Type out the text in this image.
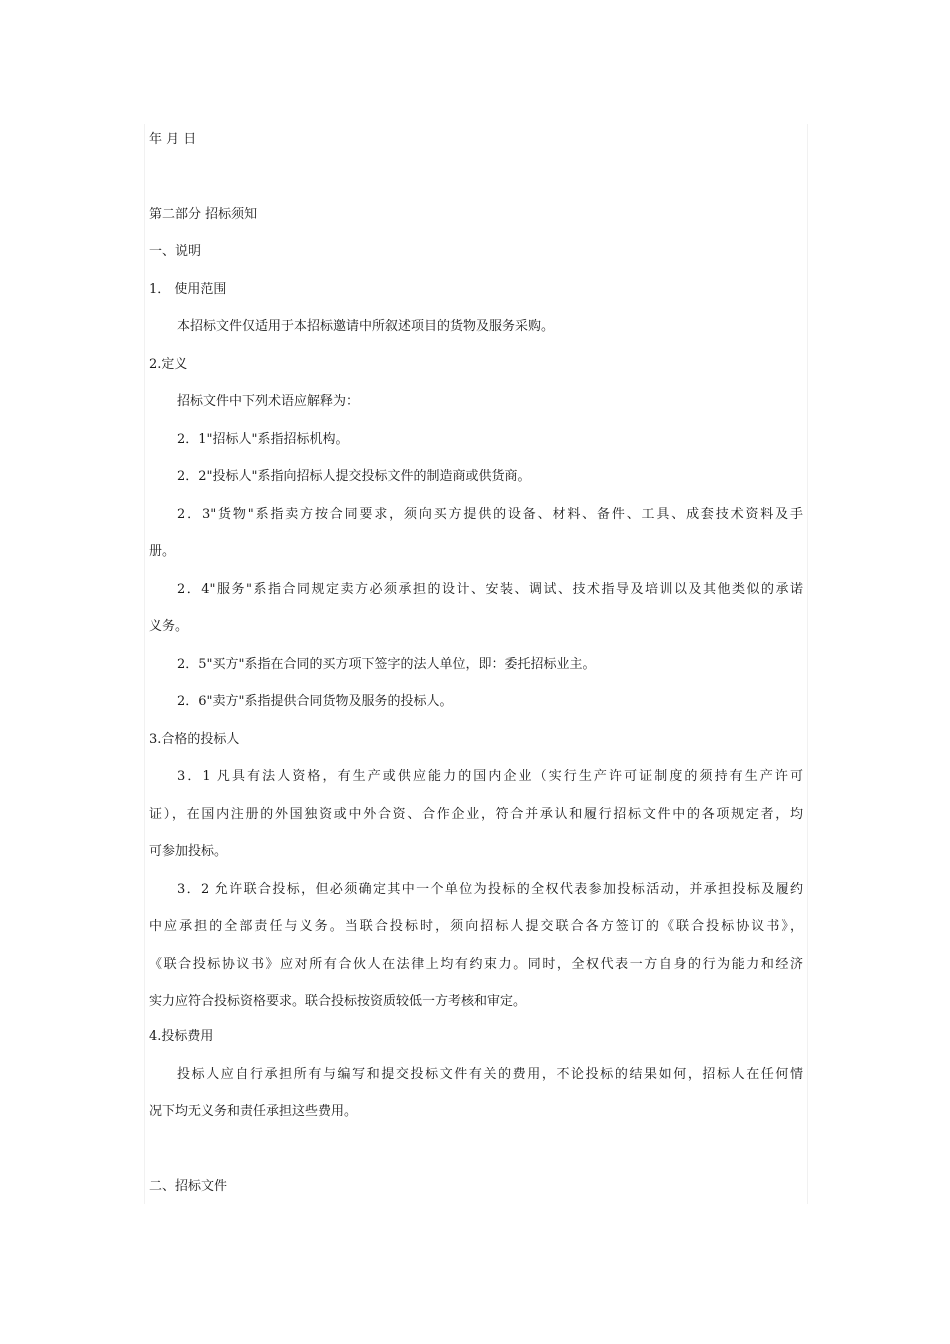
年 月 日

第二部分 招标须知

一、说明

1． 使用范围

本招标文件仅适用于本招标邀请中所叙述项目的货物及服务采购。

2.定义

招标文件中下列术语应解释为：

2．1"招标人"系指招标机构。

2．2"投标人"系指向招标人提交投标文件的制造商或供货商。

2．3"货物"系指卖方按合同要求，须向买方提供的设备、材料、备件、工具、成套技术资料及手

册。

2．4"服务"系指合同规定卖方必须承担的设计、安装、调试、技术指导及培训以及其他类似的承诺

义务。

2．5"买方"系指在合同的买方项下签字的法人单位，即：委托招标业主。

2．6"卖方"系指提供合同货物及服务的投标人。

3.合格的投标人

3．1 凡具有法人资格，有生产或供应能力的国内企业（实行生产许可证制度的须持有生产许可

证），在国内注册的外国独资或中外合资、合作企业，符合并承认和履行招标文件中的各项规定者，均

可参加投标。

3．2 允许联合投标，但必须确定其中一个单位为投标的全权代表参加投标活动，并承担投标及履约

中应承担的全部责任与义务。当联合投标时，须向招标人提交联合各方签订的《联合投标协议书》，

《联合投标协议书》应对所有合伙人在法律上均有约束力。同时，全权代表一方自身的行为能力和经济

实力应符合投标资格要求。联合投标按资质较低一方考核和审定。

4.投标费用

投标人应自行承担所有与编写和提交投标文件有关的费用，不论投标的结果如何，招标人在任何情

况下均无义务和责任承担这些费用。

二、招标文件
